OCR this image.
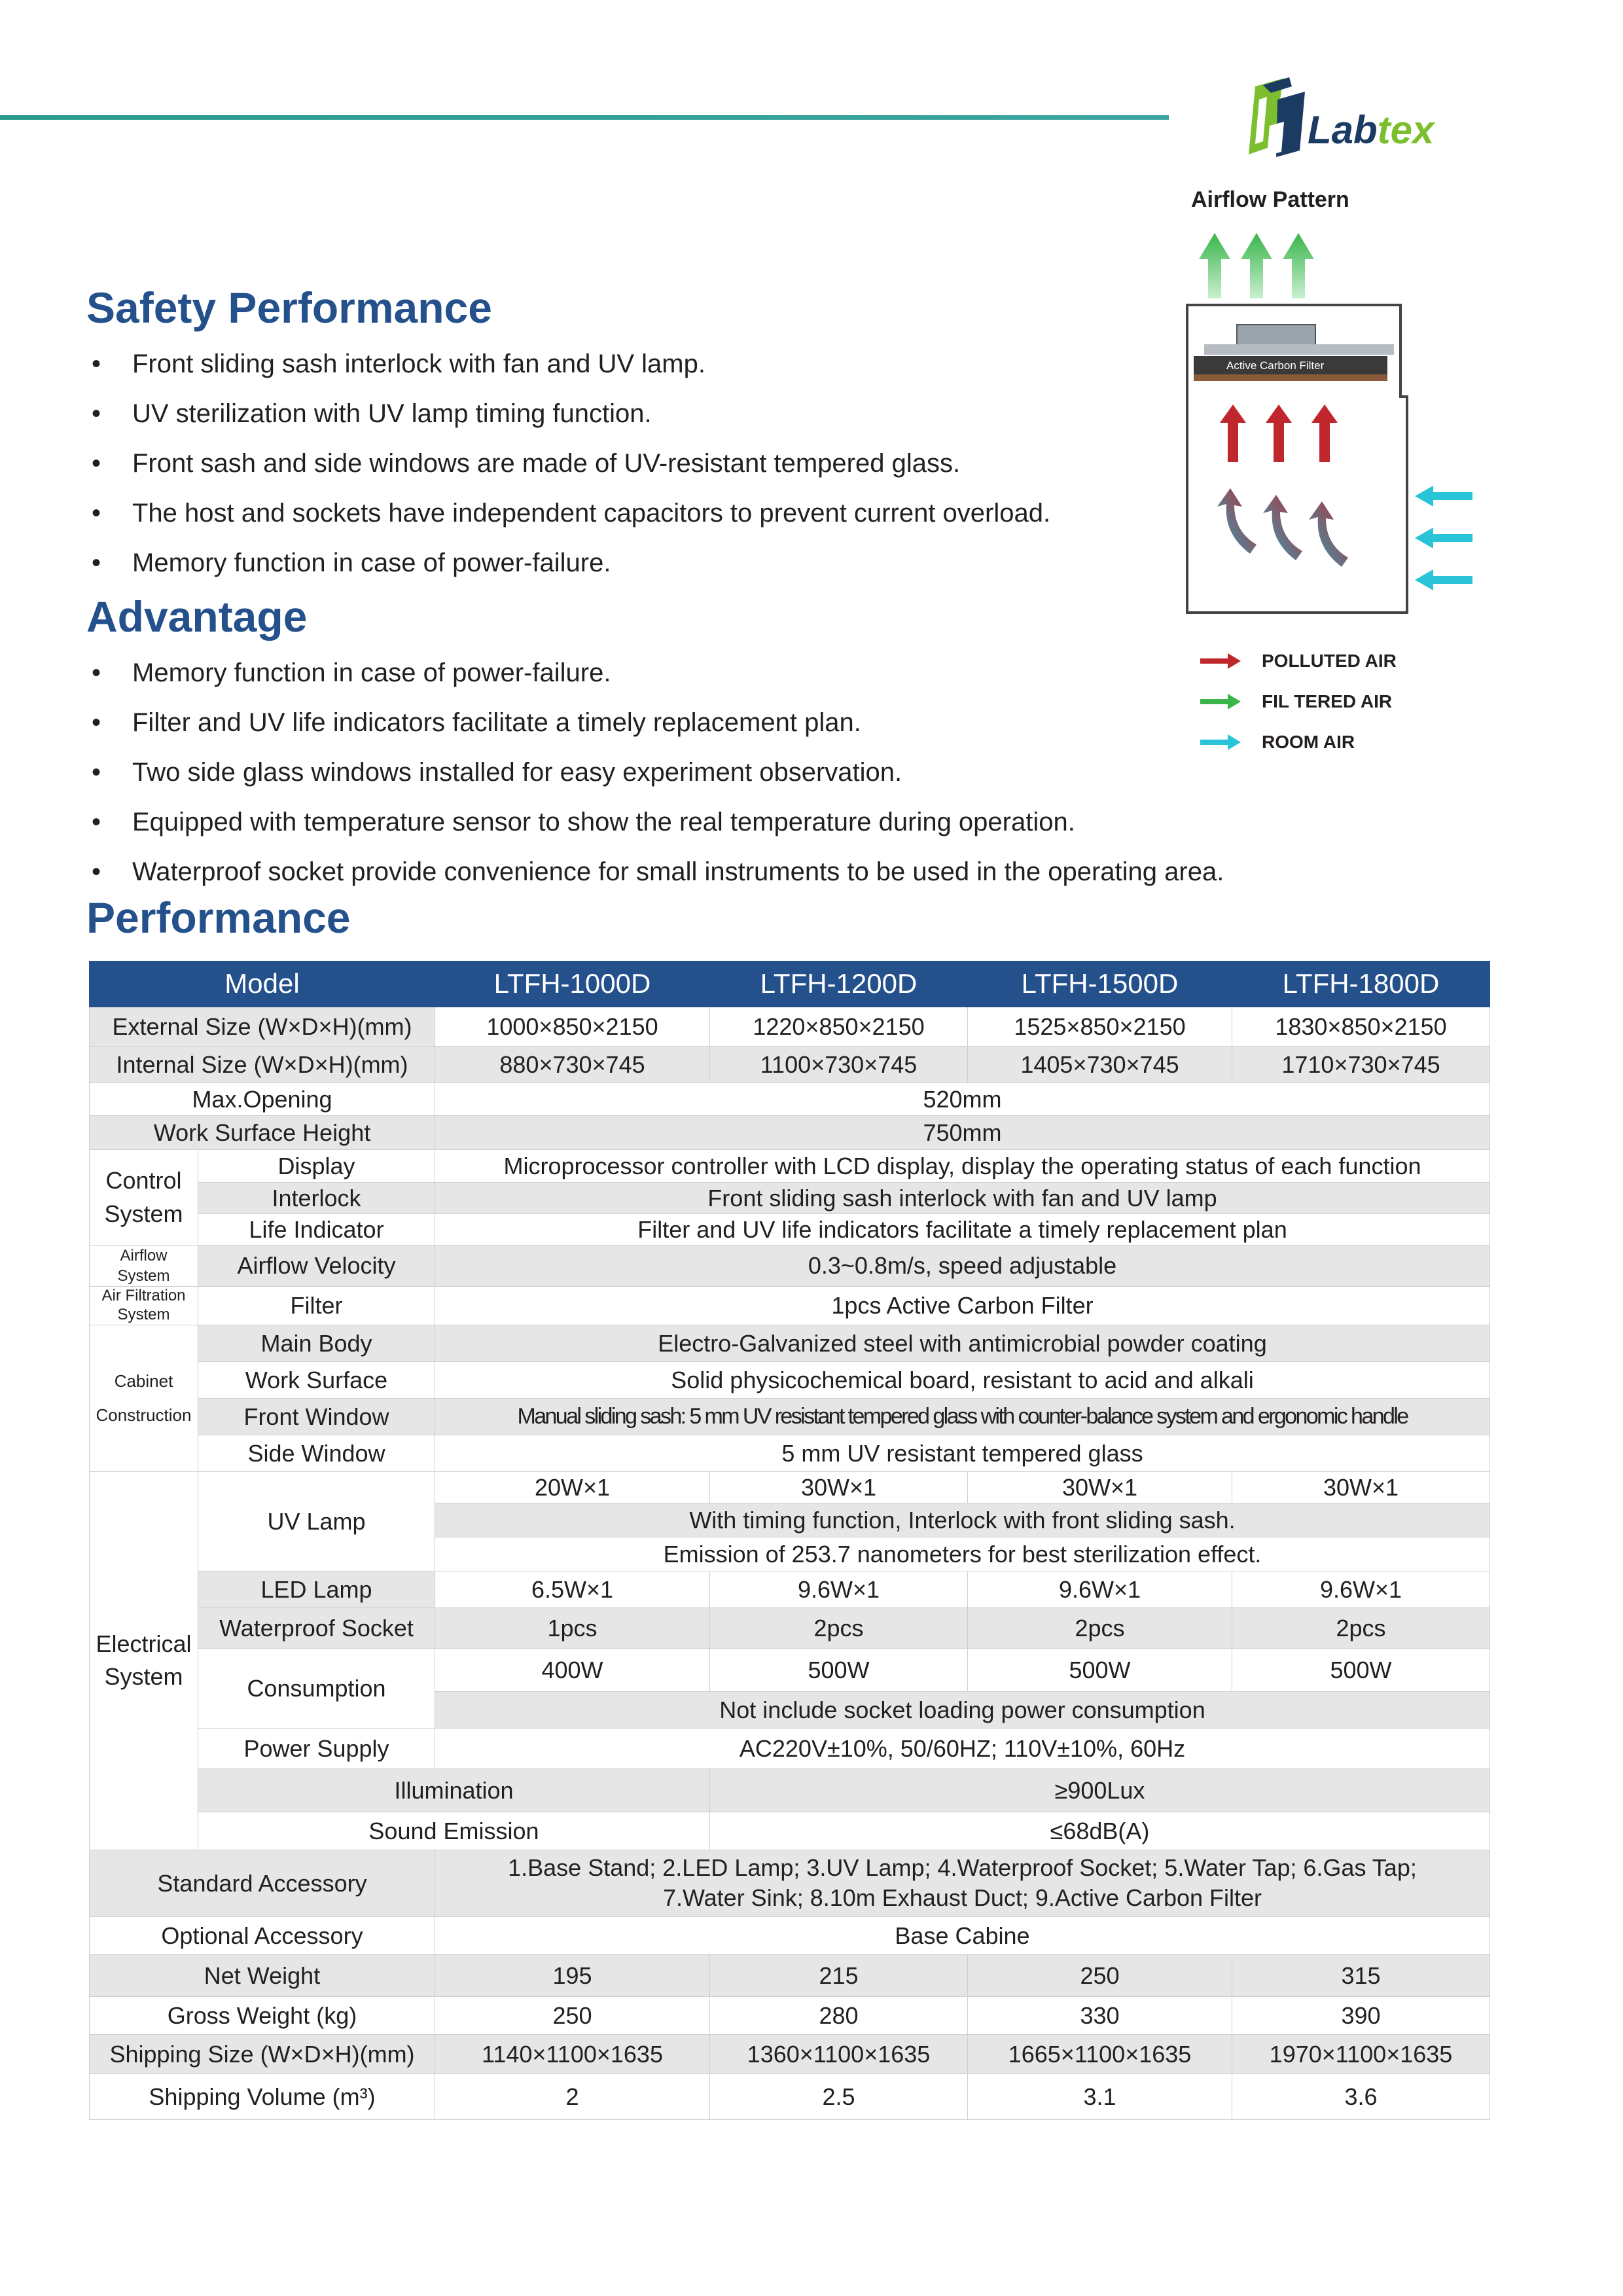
Labtex
Airflow Pattern
Active Carbon Filter
POLLUTED AIR
FIL TERED AIR
ROOM AIR
Safety Performance
• Front sliding sash interlock with fan and UV lamp.
• UV sterilization with UV lamp timing function.
• Front sash and side windows are made of UV-resistant tempered glass.
• The host and sockets have independent capacitors to prevent current overload.
• Memory function in case of power-failure.
Advantage
• Memory function in case of power-failure.
• Filter and UV life indicators facilitate a timely replacement plan.
• Two side glass windows installed for easy experiment observation.
• Equipped with temperature sensor to show the real temperature during operation.
• Waterproof socket provide convenience for small instruments to be used in the operating area.
Performance
Model		LTFH-1000D	LTFH-1200D	LTFH-1500D	LTFH-1800D
External Size (W×D×H)(mm)		1000×850×2150	1220×850×2150	1525×850×2150	1830×850×2150
Internal Size (W×D×H)(mm)		880×730×745	1100×730×745	1405×730×745	1710×730×745
Max.Opening		520mm			
Work Surface Height		750mm			
Control
System	Display	Microprocessor controller with LCD display, display the operating status of each function			
	Interlock	Front sliding sash interlock with fan and UV lamp			
	Life Indicator	Filter and UV life indicators facilitate a timely replacement plan			
Airflow
System	Airflow Velocity	0.3~0.8m/s, speed adjustable			
Air Filtration
System	Filter	1pcs Active Carbon Filter			
Cabinet
Construction	Main Body	Electro-Galvanized steel with antimicrobial powder coating			
	Work Surface	Solid physicochemical board, resistant to acid and alkali			
	Front Window	Manual sliding sash: 5 mm UV resistant tempered glass with counter-balance system and ergonomic handle			
	Side Window	5 mm UV resistant tempered glass			
Electrical
System	UV Lamp	20W×1	30W×1	30W×1	30W×1
		With timing function, Interlock with front sliding sash.			
		Emission of 253.7 nanometers for best sterilization effect.			
	LED Lamp	6.5W×1	9.6W×1	9.6W×1	9.6W×1
	Waterproof Socket	1pcs	2pcs	2pcs	2pcs
	Consumption	400W	500W	500W	500W
		Not include socket loading power consumption			
	Power Supply	AC220V±10%, 50/60HZ; 110V±10%, 60Hz			
	Illumination		≥900Lux		
	Sound Emission		≤68dB(A)		
Standard Accessory		1.Base Stand; 2.LED Lamp; 3.UV Lamp; 4.Waterproof Socket; 5.Water Tap; 6.Gas Tap;
7.Water Sink; 8.10m Exhaust Duct; 9.Active Carbon Filter			
Optional Accessory		Base Cabine			
Net Weight		195	215	250	315
Gross Weight (kg)		250	280	330	390
Shipping Size (W×D×H)(mm)		1140×1100×1635	1360×1100×1635	1665×1100×1635	1970×1100×1635
Shipping Volume (m³)		2	2.5	3.1	3.6
